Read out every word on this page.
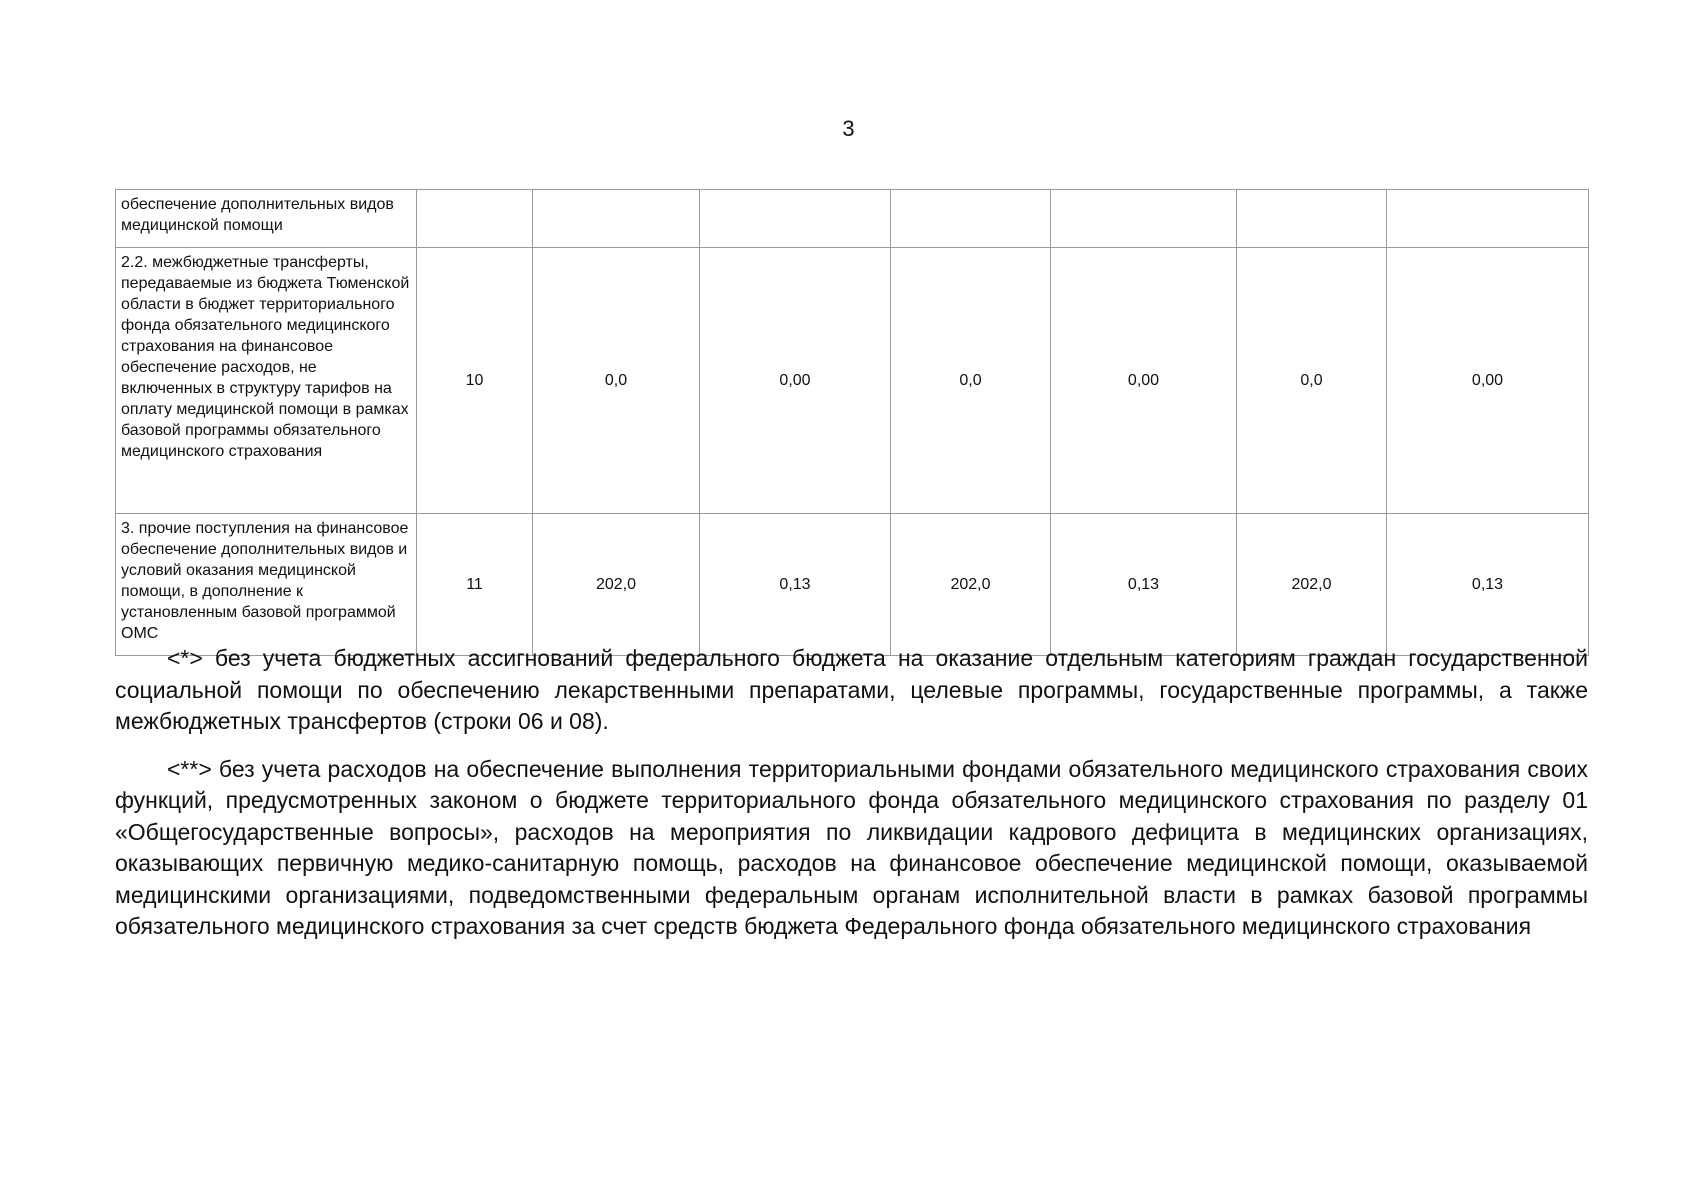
3
обеспечение дополнительных видов медицинской помощи							
2.2. межбюджетные трансферты, передаваемые из бюджета Тюменской области в бюджет территориального фонда обязательного медицинского страхования на финансовое обеспечение расходов, не включенных в структуру тарифов на оплату медицинской помощи в рамках базовой программы обязательного медицинского страхования	10	0,0	0,00	0,0	0,00	0,0	0,00
3. прочие поступления на финансовое обеспечение дополнительных видов и условий оказания медицинской помощи, в дополнение к установленным базовой программой ОМС	11	202,0	0,13	202,0	0,13	202,0	0,13

<*> без учета бюджетных ассигнований федерального бюджета на оказание отдельным категориям граждан государственной социальной помощи по обеспечению лекарственными препаратами, целевые программы, государственные программы, а также межбюджетных трансфертов (строки 06 и 08).

<**> без учета расходов на обеспечение выполнения территориальными фондами обязательного медицинского страхования своих функций, предусмотренных законом о бюджете территориального фонда обязательного медицинского страхования по разделу 01 «Общегосударственные вопросы», расходов на мероприятия по ликвидации кадрового дефицита в медицинских организациях, оказывающих первичную медико-санитарную помощь, расходов на финансовое обеспечение медицинской помощи, оказываемой медицинскими организациями, подведомственными федеральным органам исполнительной власти в рамках базовой программы обязательного медицинского страхования за счет средств бюджета Федерального фонда обязательного медицинского страхования
